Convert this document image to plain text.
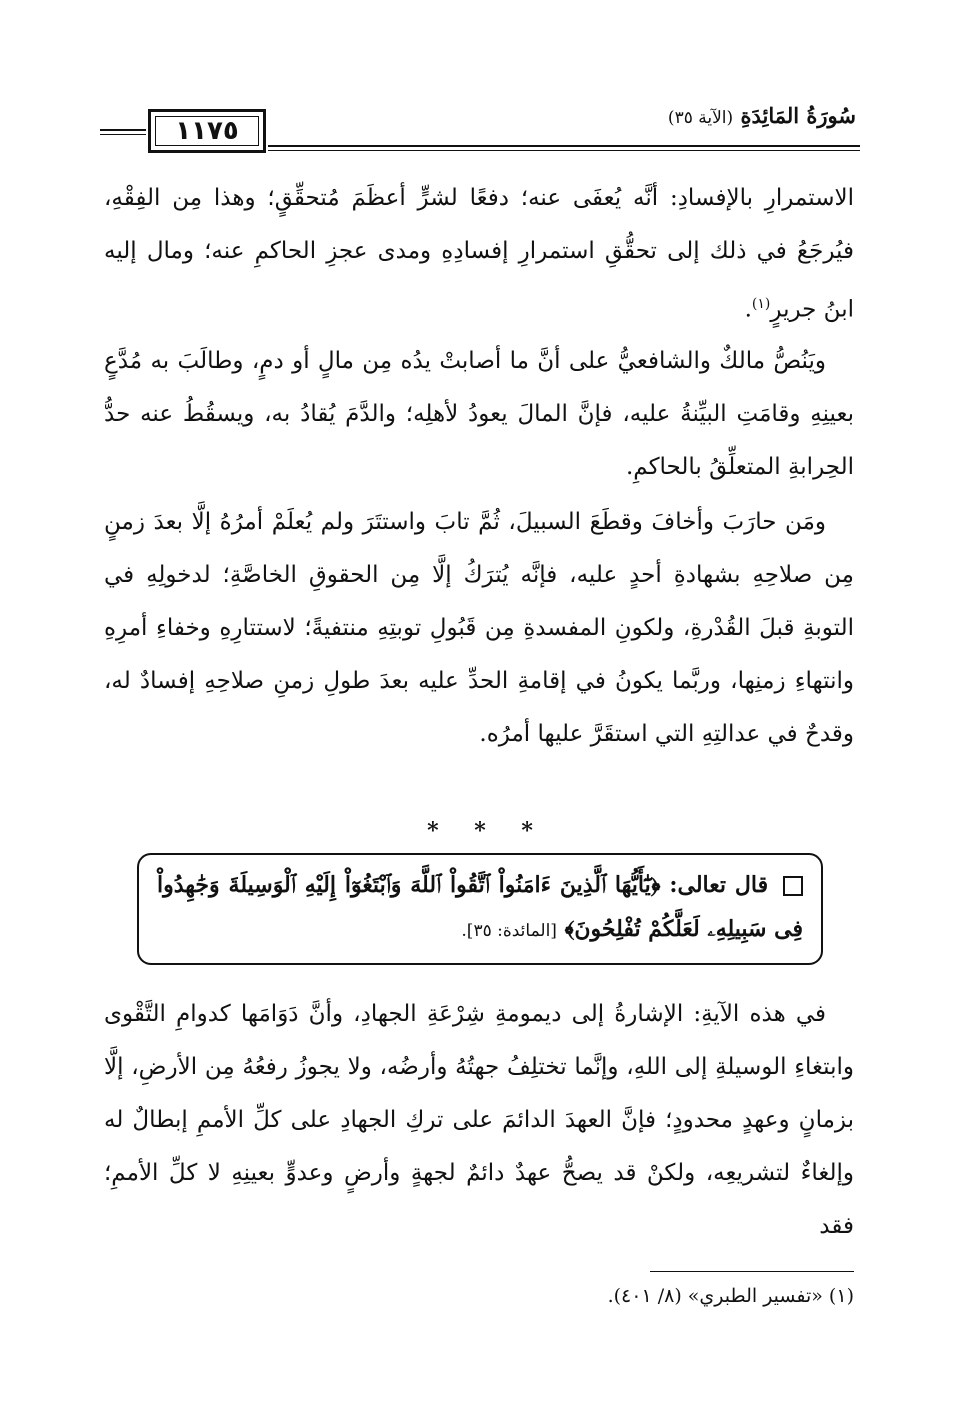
١١٧٥
سُورَةُ المَائِدَةِ (الآية ٣٥)
الاستمرارِ بالإفسادِ: أنَّه يُعفَى عنه؛ دفعًا لشرٍّ أعظَمَ مُتحقِّقٍ؛ وهذا مِن الفِقْهِ، فيُرجَعُ في ذلك إلى تحقُّقِ استمرارِ إفسادِهِ ومدى عجزِ الحاكمِ عنه؛ ومال إليه ابنُ جريرٍ$^{(١)}$.
ويَنُصُّ مالكٌ والشافعيُّ على أنَّ ما أصابتْ يدُه مِن مالٍ أو دمٍ، وطالَبَ به مُدَّعٍ بعينِهِ وقامَتِ البيِّنةُ عليه، فإنَّ المالَ يعودُ لأهلِه؛ والدَّمَ يُقادُ به، ويسقُطُ عنه حدُّ الحِرابةِ المتعلِّقُ بالحاكمِ.
ومَن حارَبَ وأخافَ وقطَعَ السبيلَ، ثُمَّ تابَ واستتَرَ ولم يُعلَمْ أمرُهُ إلَّا بعدَ زمنٍ مِن صلاحِهِ بشهادةِ أحدٍ عليه، فإنَّه يُترَكُ إلَّا مِن الحقوقِ الخاصَّةِ؛ لدخولِهِ في التوبةِ قبلَ القُدْرةِ، ولكونِ المفسدةِ مِن قَبُولِ توبتِهِ منتفيةً؛ لاستتارِهِ وخفاءِ أمرِهِ وانتهاءِ زمنِها، وربَّما يكونُ في إقامةِ الحدِّ عليه بعدَ طولِ زمنِ صلاحِهِ إفسادٌ له، وقدحٌ في عدالتِهِ التي استقَرَّ عليها أمرُه.
* * *
قال تعالى: ﴿يَٰٓأَيُّهَا ٱلَّذِينَ ءَامَنُواْ ٱتَّقُواْ ٱللَّهَ وَٱبْتَغُوٓاْ إِلَيْهِ ٱلْوَسِيلَةَ وَجَٰهِدُواْ فِى سَبِيلِهِۦ لَعَلَّكُمْ تُفْلِحُونَ﴾ [المائدة: ٣٥].
في هذه الآيةِ: الإشارةُ إلى ديمومةِ شِرْعَةِ الجهادِ، وأنَّ دَوَامَها كدوامِ التَّقْوى وابتغاءِ الوسيلةِ إلى اللهِ، وإنَّما تختلِفُ جهتُهُ وأرضُه، ولا يجوزُ رفعُهُ مِن الأرضِ، إلَّا بزمانٍ وعهدٍ محدودٍ؛ فإنَّ العهدَ الدائمَ على تركِ الجهادِ على كلِّ الأممِ إبطالٌ له وإلغاءٌ لتشريعِه، ولكنْ قد يصحُّ عهدٌ دائمٌ لجهةٍ وأرضٍ وعدوٍّ بعينِهِ لا كلِّ الأممِ؛ فقد
(١) «تفسير الطبري» (٨/ ٤٠١).
